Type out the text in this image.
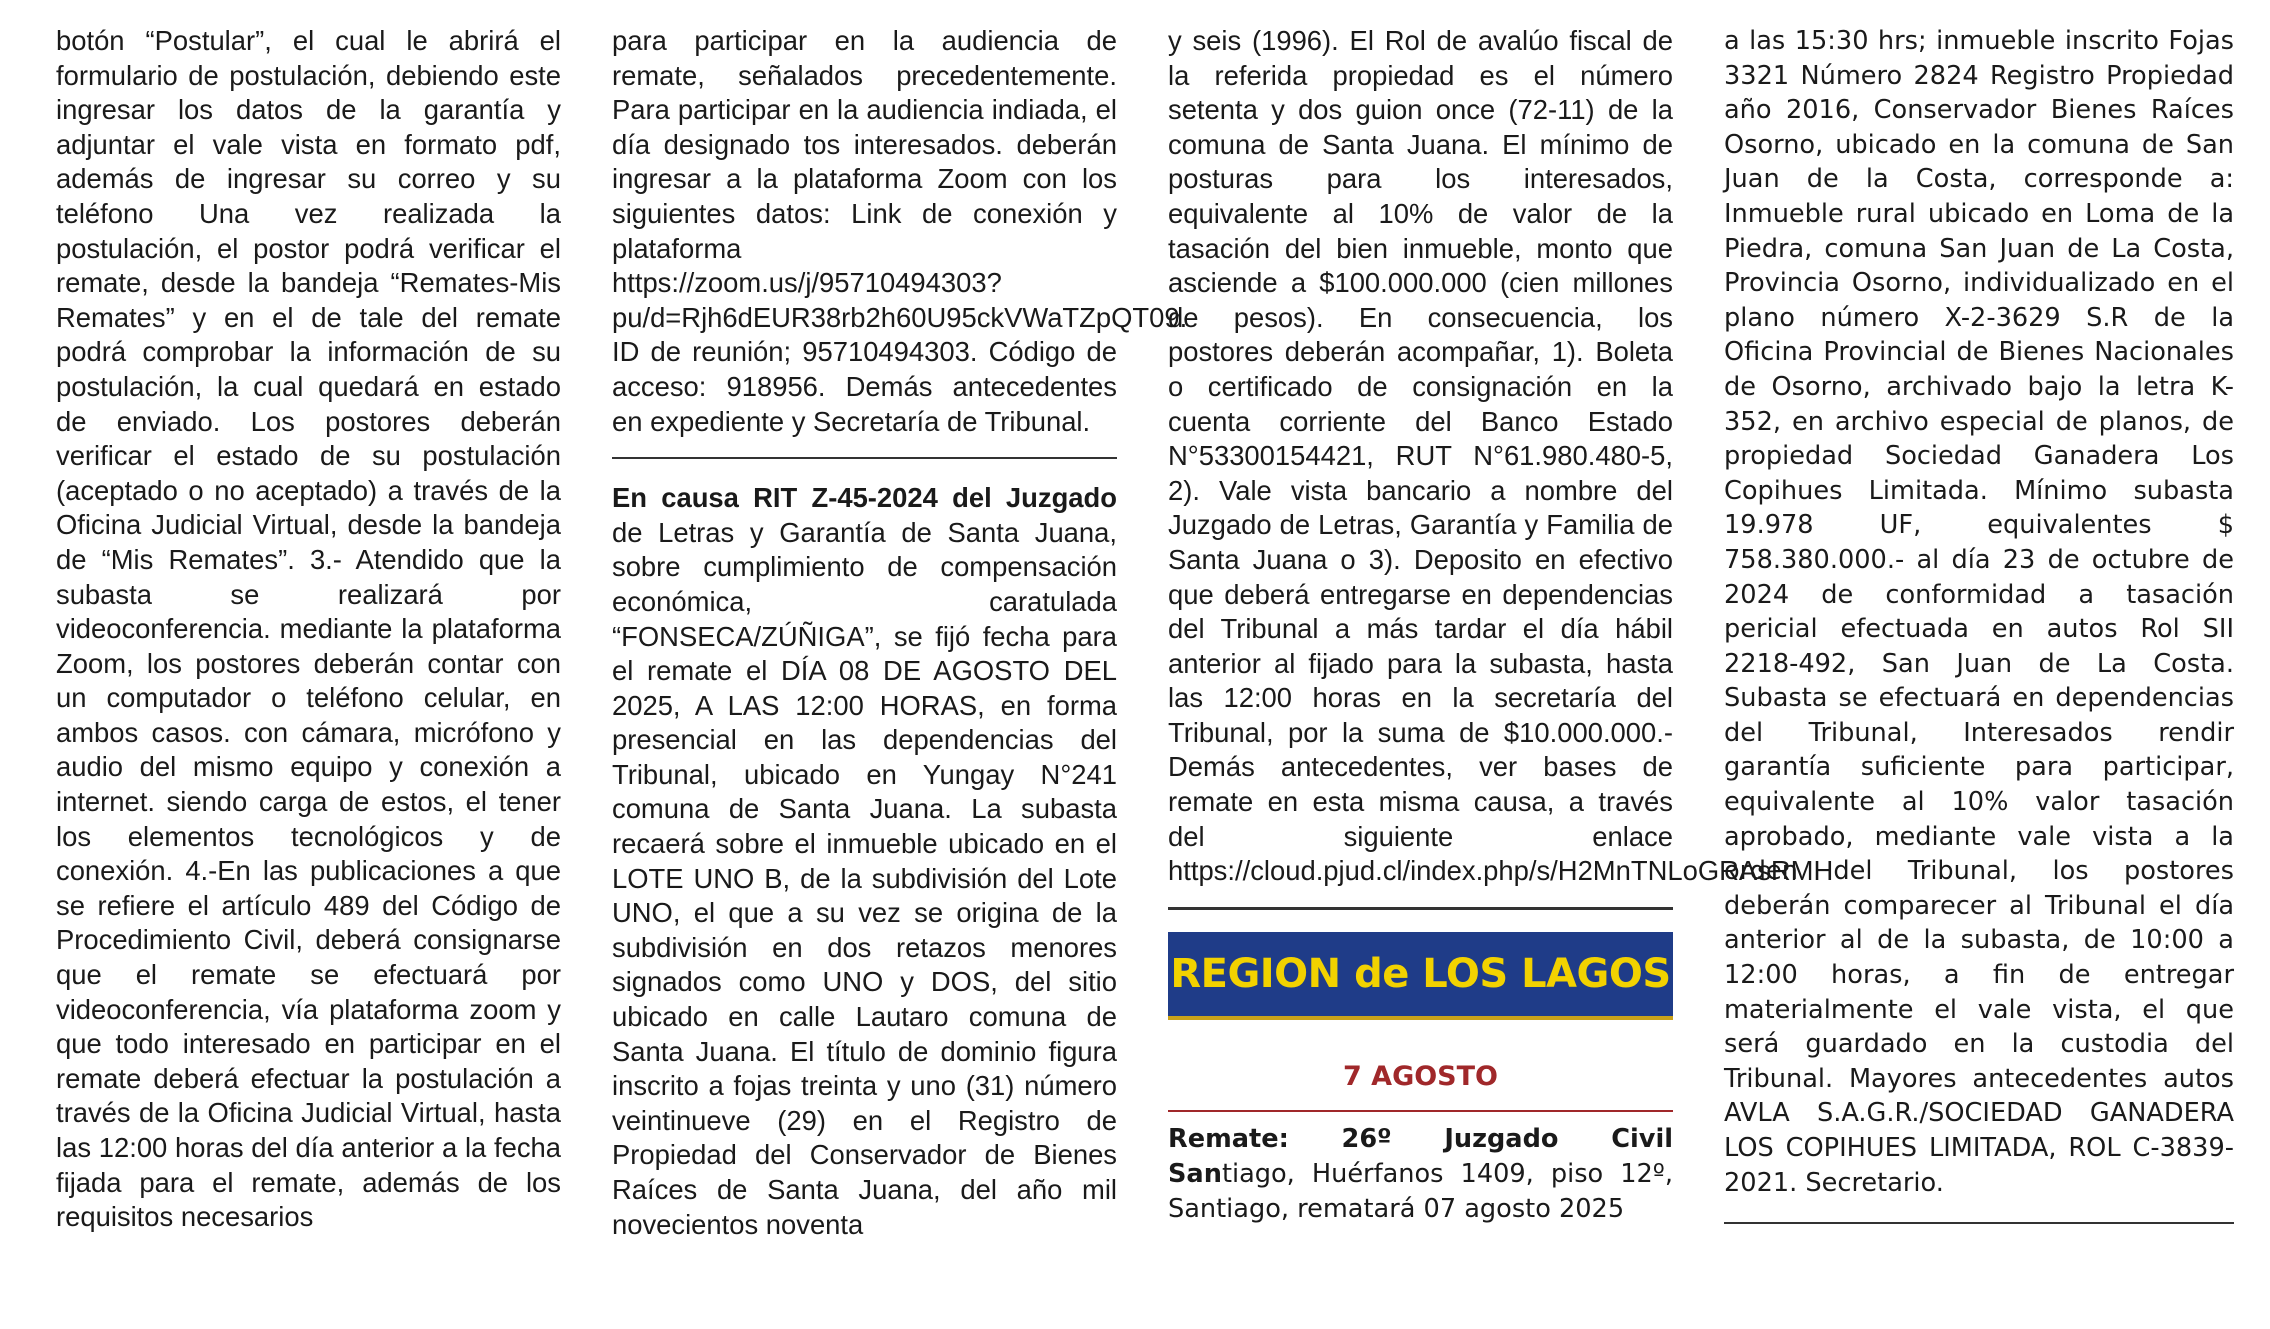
botón “Postular”, el cual le abrirá el formulario de postulación, debiendo este ingresar los datos de la garantía y adjuntar el vale vista en formato pdf, además de ingresar su correo y su teléfono Una vez realizada la postulación, el postor podrá verificar el remate, desde la bandeja “Remates-Mis Remates” y en el de tale del remate podrá comprobar la información de su postulación, la cual quedará en estado de enviado. Los postores deberán verificar el estado de su postulación (aceptado o no aceptado) a través de la Oficina Judicial Virtual, desde la bandeja de “Mis Remates”. 3.- Atendido que la subasta se realizará por videoconferencia. mediante la plataforma Zoom, los postores deberán contar con un computador o teléfono celular, en ambos casos. con cámara, micrófono y audio del mismo equipo y conexión a internet. siendo carga de estos, el tener los elementos tecnológicos y de conexión. 4.-En las publicaciones a que se refiere el artículo 489 del Código de Procedimiento Civil, deberá consignarse que el remate se efectuará por videoconferencia, vía plataforma zoom y que todo interesado en participar en el remate deberá efectuar la postulación a través de la Oficina Judicial Virtual, hasta las 12:00 horas del día anterior a la fecha fijada para el remate, además de los requisitos necesarios

para participar en la audiencia de remate, señalados precedentemente. Para participar en la audiencia indiada, el día designado tos interesados. deberán ingresar a la plataforma Zoom con los siguientes datos: Link de conexión y plataforma https://zoom.us/j/95710494303?pu/d=Rjh6dEUR38rb2h60U95ckVWaTZpQT09. ID de reunión; 95710494303. Código de acceso: 918956. Demás antecedentes en expediente y Secretaría de Tribunal.

En causa RIT Z-45-2024 del Juzgado de Letras y Garantía de Santa Juana, sobre cumplimiento de compensación económica, caratulada “FONSECA/ZÚÑIGA”, se fijó fecha para el remate el DÍA 08 DE AGOSTO DEL 2025, A LAS 12:00 HORAS, en forma presencial en las dependencias del Tribunal, ubicado en Yungay N°241 comuna de Santa Juana. La subasta recaerá sobre el inmueble ubicado en el LOTE UNO B, de la subdivisión del Lote UNO, el que a su vez se origina de la subdivisión en dos retazos menores signados como UNO y DOS, del sitio ubicado en calle Lautaro comuna de Santa Juana. El título de dominio figura inscrito a fojas treinta y uno (31) número veintinueve (29) en el Registro de Propiedad del Conservador de Bienes Raíces de Santa Juana, del año mil novecientos noventa

y seis (1996). El Rol de avalúo fiscal de la referida propiedad es el número setenta y dos guion once (72-11) de la comuna de Santa Juana. El mínimo de posturas para los interesados, equivalente al 10% de valor de la tasación del bien inmueble, monto que asciende a $100.000.000 (cien millones de pesos). En consecuencia, los postores deberán acompañar, 1). Boleta o certificado de consignación en la cuenta corriente del Banco Estado N°53300154421, RUT N°61.980.480-5, 2). Vale vista bancario a nombre del Juzgado de Letras, Garantía y Familia de Santa Juana o 3). Deposito en efectivo que deberá entregarse en dependencias del Tribunal a más tardar el día hábil anterior al fijado para la subasta, hasta las 12:00 horas en la secretaría del Tribunal, por la suma de $10.000.000.- Demás antecedentes, ver bases de remate en esta misma causa, a través del siguiente enlace https://cloud.pjud.cl/index.php/s/H2MnTNLoGRAsRMH

REGION de LOS LAGOS
7 AGOSTO

Remate: 26º Juzgado Civil Santiago, Huérfanos 1409, piso 12º, Santiago, rematará 07 agosto 2025

a las 15:30 hrs; inmueble inscrito Fojas 3321 Número 2824 Registro Propiedad año 2016, Conservador Bienes Raíces Osorno, ubicado en la comuna de San Juan de la Costa, corresponde a: Inmueble rural ubicado en Loma de la Piedra, comuna San Juan de La Costa, Provincia Osorno, individualizado en el plano número X-2-3629 S.R de la Oficina Provincial de Bienes Nacionales de Osorno, archivado bajo la letra K-352, en archivo especial de planos, de propiedad Sociedad Ganadera Los Copihues Limitada. Mínimo subasta 19.978 UF, equivalentes $ 758.380.000.- al día 23 de octubre de 2024 de conformidad a tasación pericial efectuada en autos Rol SII 2218-492, San Juan de La Costa. Subasta se efectuará en dependencias del Tribunal, Interesados rendir garantía suficiente para participar, equivalente al 10% valor tasación aprobado, mediante vale vista a la orden del Tribunal, los postores deberán comparecer al Tribunal el día anterior al de la subasta, de 10:00 a 12:00 horas, a fin de entregar materialmente el vale vista, el que será guardado en la custodia del Tribunal. Mayores antecedentes autos AVLA S.A.G.R./SOCIEDAD GANADERA LOS COPIHUES LIMITADA, ROL C-3839-2021. Secretario.
